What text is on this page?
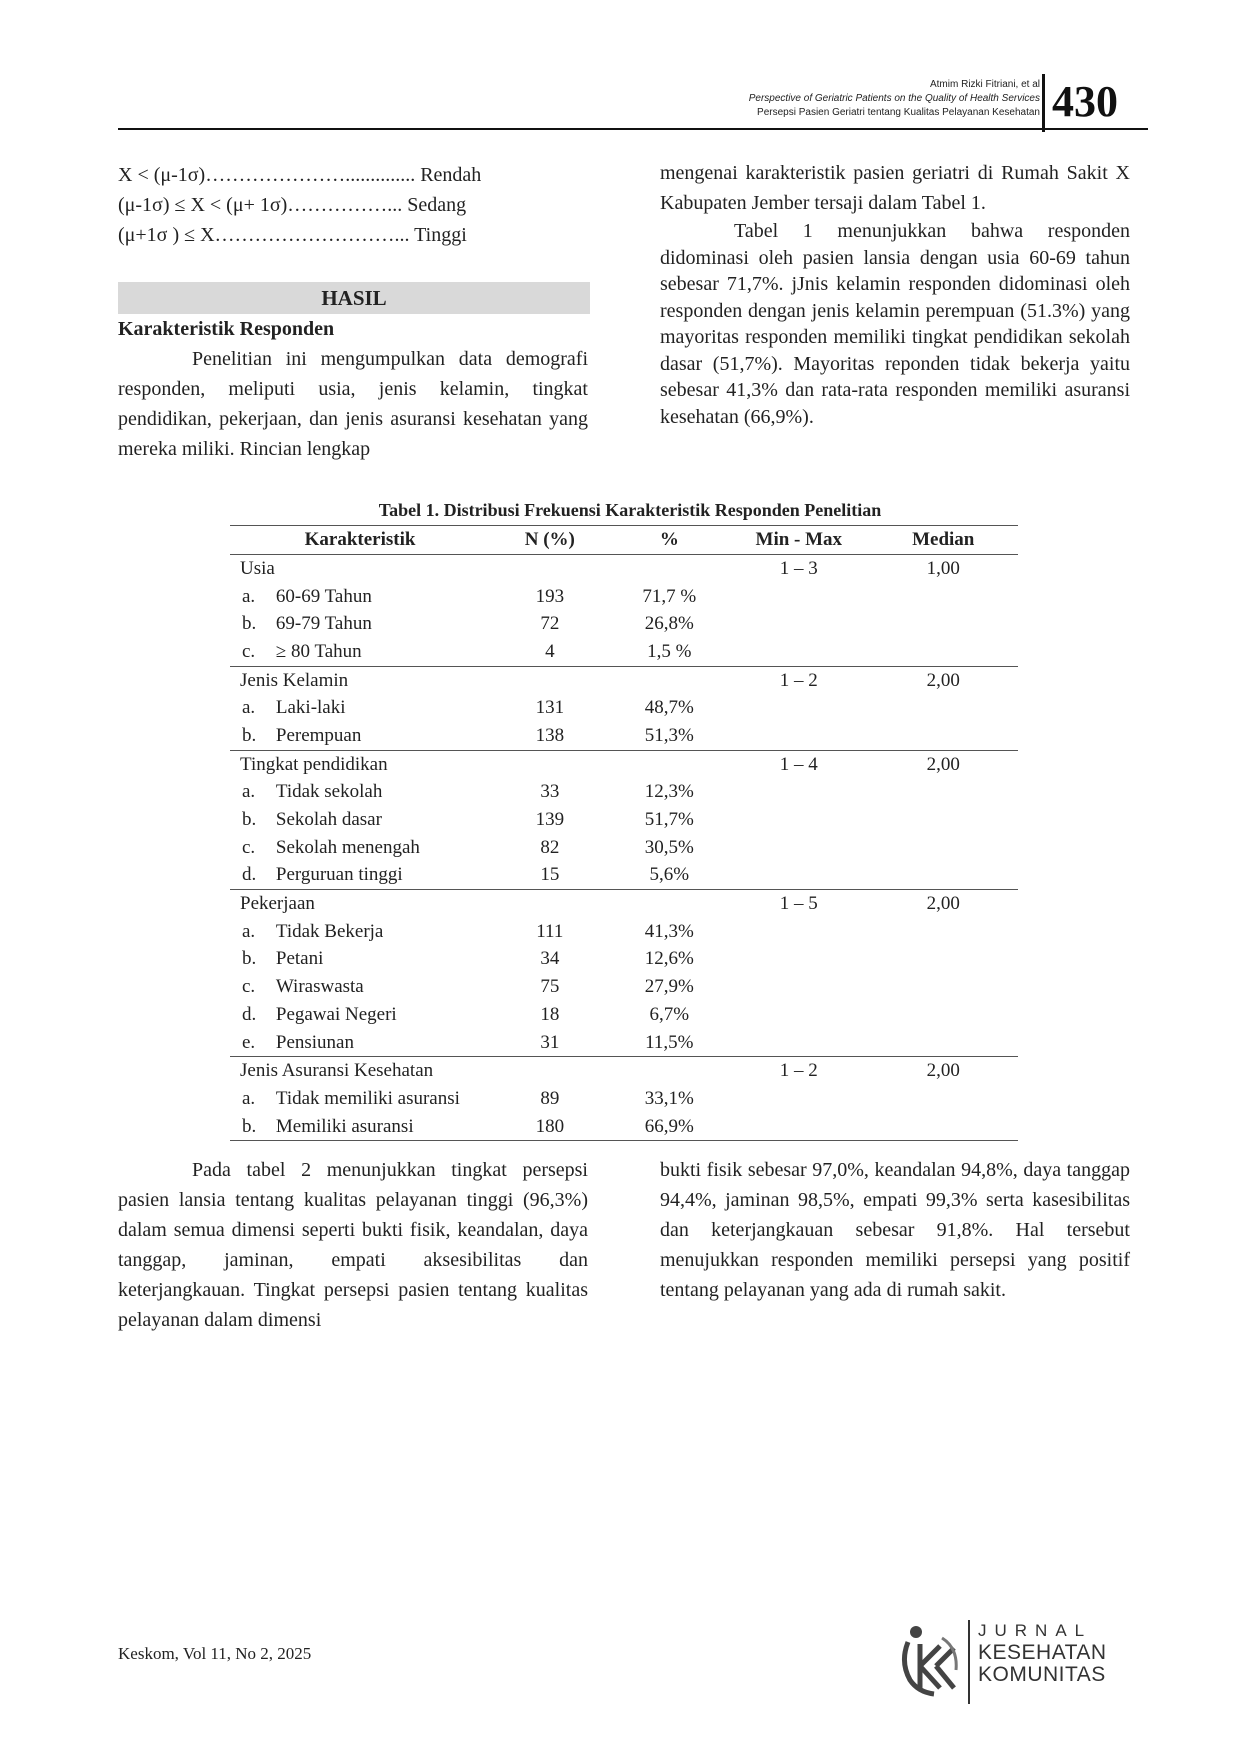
Atmim Rizki Fitriani, et al
Perspective of Geriatric Patients on the Quality of Health Services
Persepsi Pasien Geriatri tentang Kualitas Pelayanan Kesehatan 430
X < (μ-1σ)………………….............. Rendah
(μ-1σ) ≤ X < (μ+ 1σ)……………... Sedang
(μ+1σ ) ≤ X………………………... Tinggi
HASIL
Karakteristik Responden

Penelitian ini mengumpulkan data demografi responden, meliputi usia, jenis kelamin, tingkat pendidikan, pekerjaan, dan jenis asuransi kesehatan yang mereka miliki. Rincian lengkap

mengenai karakteristik pasien geriatri di Rumah Sakit X Kabupaten Jember tersaji dalam Tabel 1.

Tabel 1 menunjukkan bahwa responden didominasi oleh pasien lansia dengan usia 60-69 tahun sebesar 71,7%. jJnis kelamin responden didominasi oleh responden dengan jenis kelamin perempuan (51.3%) yang mayoritas responden memiliki tingkat pendidikan sekolah dasar (51,7%). Mayoritas reponden tidak bekerja yaitu sebesar 41,3% dan rata-rata responden memiliki asuransi kesehatan (66,9%).

Tabel 1. Distribusi Frekuensi Karakteristik Responden Penelitian
Karakteristik		N (%)	%	Min - Max	Median
Usia				1 – 3	1,00
a.	60-69 Tahun	193	71,7 %		
b.	69-79 Tahun	72	26,8%		
c.	≥ 80 Tahun	4	1,5 %		
Jenis Kelamin				1 – 2	2,00
a.	Laki-laki	131	48,7%		
b.	Perempuan	138	51,3%		
Tingkat pendidikan				1 – 4	2,00
a.	Tidak sekolah	33	12,3%		
b.	Sekolah dasar	139	51,7%		
c.	Sekolah menengah	82	30,5%		
d.	Perguruan tinggi	15	5,6%		
Pekerjaan				1 – 5	2,00
a.	Tidak Bekerja	111	41,3%		
b.	Petani	34	12,6%		
c.	Wiraswasta	75	27,9%		
d.	Pegawai Negeri	18	6,7%		
e.	Pensiunan	31	11,5%		
Jenis Asuransi Kesehatan				1 – 2	2,00
a.	Tidak memiliki asuransi	89	33,1%		
b.	Memiliki asuransi	180	66,9%		

Pada tabel 2 menunjukkan tingkat persepsi pasien lansia tentang kualitas pelayanan tinggi (96,3%) dalam semua dimensi seperti bukti fisik, keandalan, daya tanggap, jaminan, empati aksesibilitas dan keterjangkauan. Tingkat persepsi pasien tentang kualitas pelayanan dalam dimensi

bukti fisik sebesar 97,0%, keandalan 94,8%, daya tanggap 94,4%, jaminan 98,5%, empati 99,3% serta kasesibilitas dan keterjangkauan sebesar 91,8%. Hal tersebut menujukkan responden memiliki persepsi yang positif tentang pelayanan yang ada di rumah sakit.

Keskom, Vol 11, No 2, 2025
JURNAL
KESEHATAN
KOMUNITAS
